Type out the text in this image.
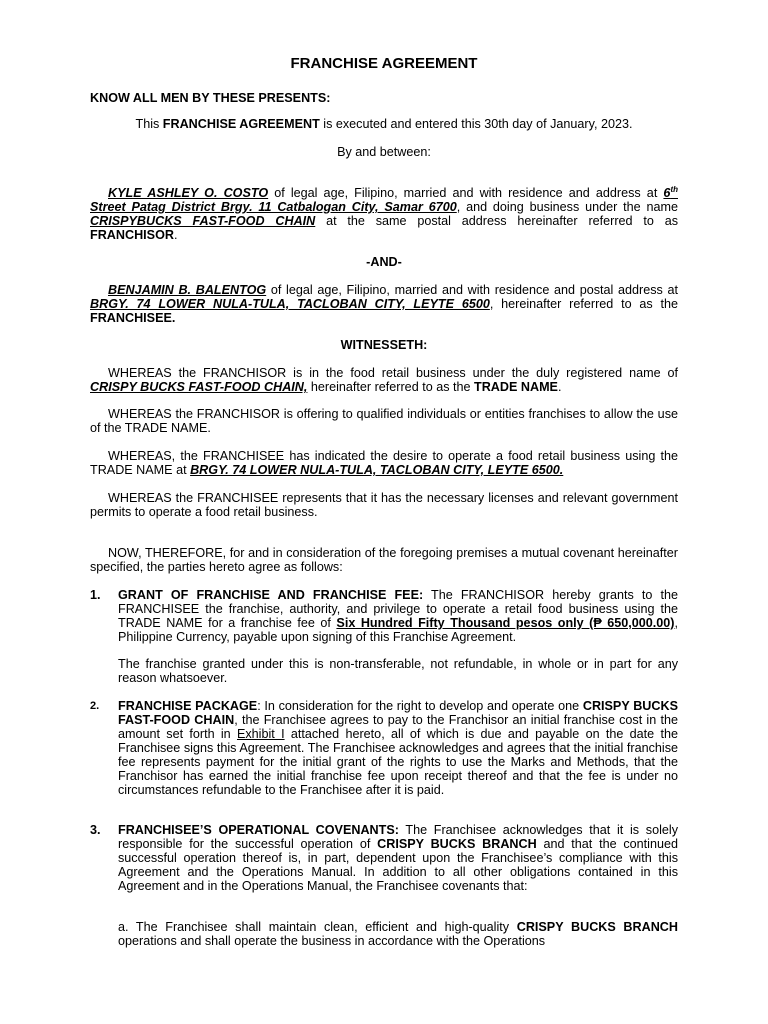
FRANCHISE AGREEMENT

KNOW ALL MEN BY THESE PRESENTS:

This FRANCHISE AGREEMENT is executed and entered this 30th day of January, 2023.

By and between:

KYLE ASHLEY O. COSTO of legal age, Filipino, married and with residence and address at 6th Street Patag District Brgy. 11 Catbalogan City, Samar 6700, and doing business under the name CRISPYBUCKS FAST-FOOD CHAIN at the same postal address hereinafter referred to as FRANCHISOR.

-AND-

BENJAMIN B. BALENTOG of legal age, Filipino, married and with residence and postal address at BRGY. 74 LOWER NULA-TULA, TACLOBAN CITY, LEYTE 6500, hereinafter referred to as the FRANCHISEE.

WITNESSETH:

WHEREAS the FRANCHISOR is in the food retail business under the duly registered name of CRISPY BUCKS FAST-FOOD CHAIN, hereinafter referred to as the TRADE NAME.

WHEREAS the FRANCHISOR is offering to qualified individuals or entities franchises to allow the use of the TRADE NAME.

WHEREAS, the FRANCHISEE has indicated the desire to operate a food retail business using the TRADE NAME at BRGY. 74 LOWER NULA-TULA, TACLOBAN CITY, LEYTE 6500.

WHEREAS the FRANCHISEE represents that it has the necessary licenses and relevant government permits to operate a food retail business.

NOW, THEREFORE, for and in consideration of the foregoing premises a mutual covenant hereinafter specified, the parties hereto agree as follows:

1. GRANT OF FRANCHISE AND FRANCHISE FEE: The FRANCHISOR hereby grants to the FRANCHISEE the franchise, authority, and privilege to operate a retail food business using the TRADE NAME for a franchise fee of Six Hundred Fifty Thousand pesos only (₱ 650,000.00), Philippine Currency, payable upon signing of this Franchise Agreement.

The franchise granted under this is non-transferable, not refundable, in whole or in part for any reason whatsoever.

2. FRANCHISE PACKAGE: In consideration for the right to develop and operate one CRISPY BUCKS FAST-FOOD CHAIN, the Franchisee agrees to pay to the Franchisor an initial franchise cost in the amount set forth in Exhibit I attached hereto, all of which is due and payable on the date the Franchisee signs this Agreement. The Franchisee acknowledges and agrees that the initial franchise fee represents payment for the initial grant of the rights to use the Marks and Methods, that the Franchisor has earned the initial franchise fee upon receipt thereof and that the fee is under no circumstances refundable to the Franchisee after it is paid.

3. FRANCHISEE’S OPERATIONAL COVENANTS: The Franchisee acknowledges that it is solely responsible for the successful operation of CRISPY BUCKS BRANCH and that the continued successful operation thereof is, in part, dependent upon the Franchisee’s compliance with this Agreement and the Operations Manual. In addition to all other obligations contained in this Agreement and in the Operations Manual, the Franchisee covenants that:

a. The Franchisee shall maintain clean, efficient and high-quality CRISPY BUCKS BRANCH operations and shall operate the business in accordance with the Operations
